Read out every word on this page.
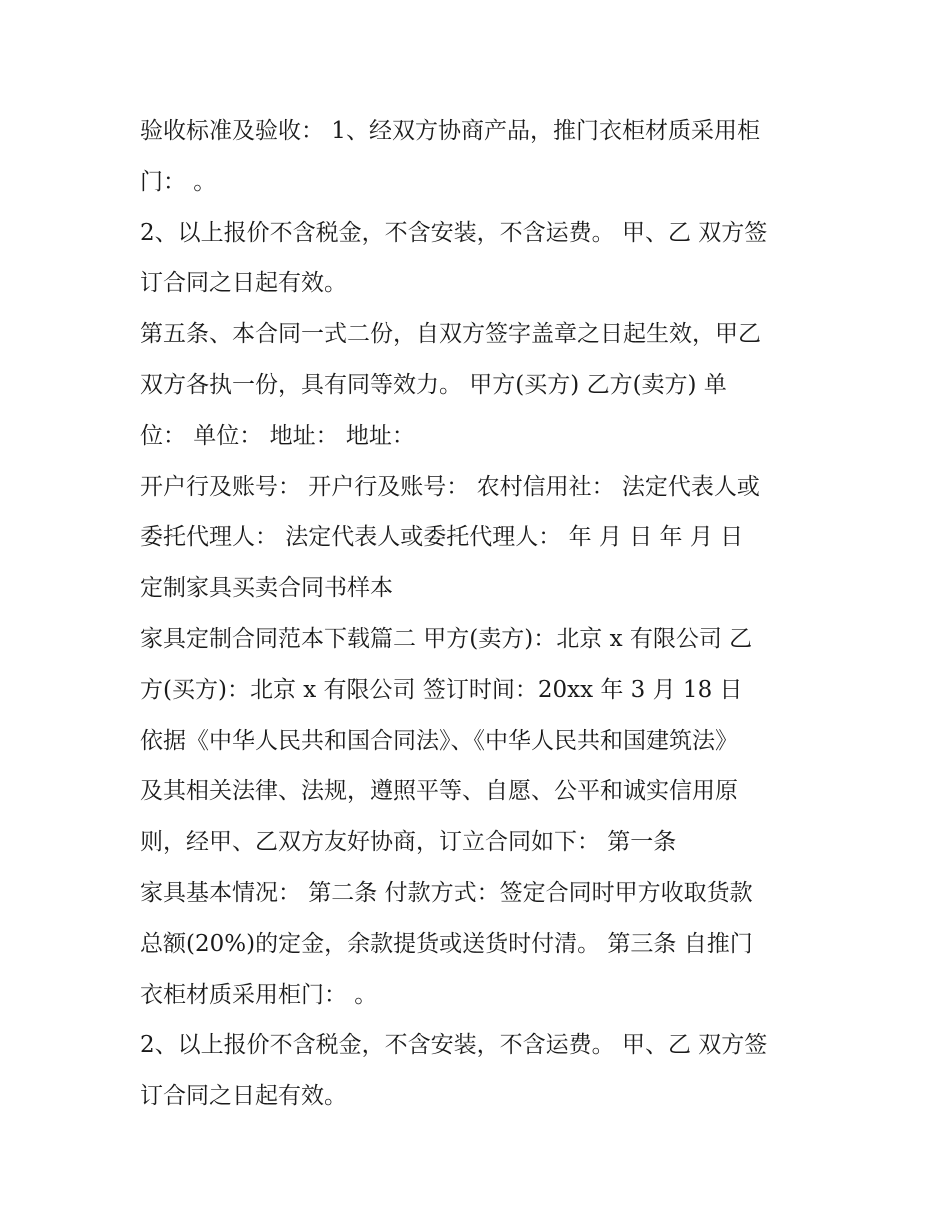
验收标准及验收： 1、经双方协商产品，推门衣柜材质采用柜
门： 。
2、以上报价不含税金，不含安装，不含运费。 甲、乙 双方签
订合同之日起有效。
第五条、本合同一式二份，自双方签字盖章之日起生效，甲乙
双方各执一份，具有同等效力。 甲方(买方) 乙方(卖方) 单
位： 单位： 地址： 地址：
开户行及账号： 开户行及账号： 农村信用社： 法定代表人或
委托代理人： 法定代表人或委托代理人： 年 月 日 年 月 日
定制家具买卖合同书样本
家具定制合同范本下载篇二 甲方(卖方)：北京 x 有限公司 乙
方(买方)：北京 x 有限公司 签订时间：20xx 年 3 月 18 日
依据《中华人民共和国合同法》、《中华人民共和国建筑法》
及其相关法律、法规，遵照平等、自愿、公平和诚实信用原
则，经甲、乙双方友好协商，订立合同如下： 第一条
家具基本情况： 第二条 付款方式：签定合同时甲方收取货款
总额(20%)的定金，余款提货或送货时付清。 第三条 自推门
衣柜材质采用柜门： 。
2、以上报价不含税金，不含安装，不含运费。 甲、乙 双方签
订合同之日起有效。
